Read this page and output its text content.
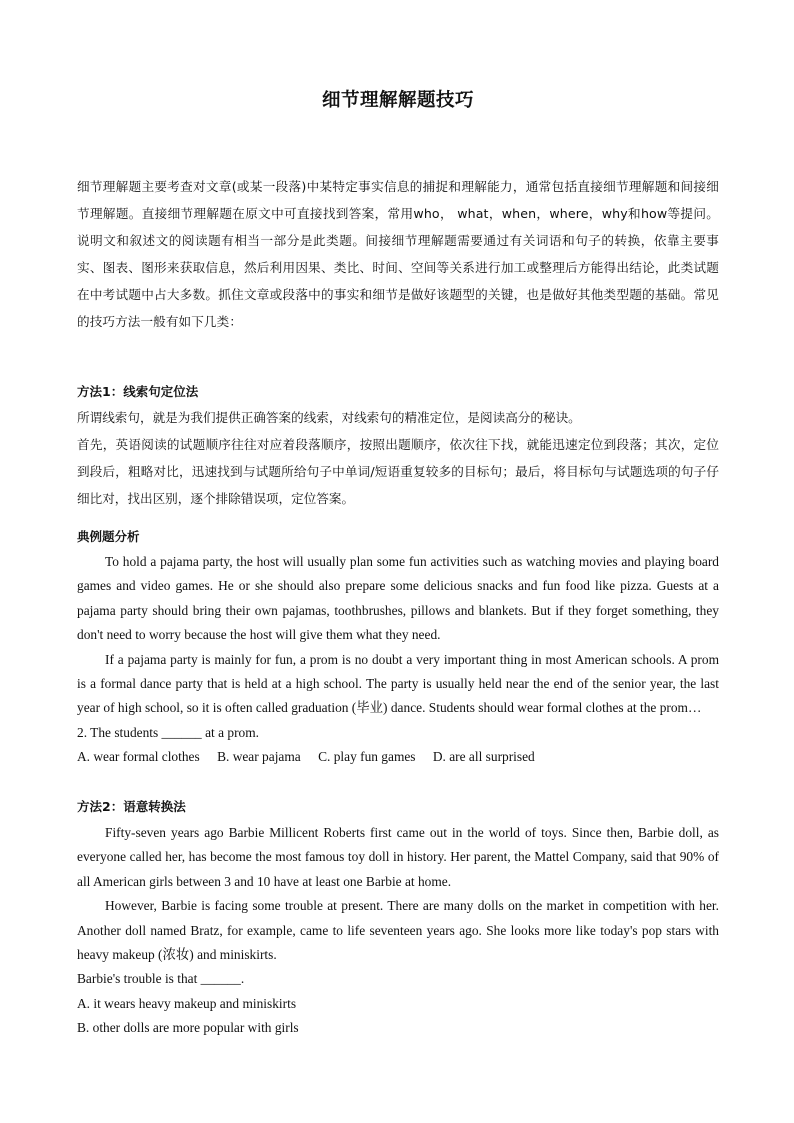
细节理解解题技巧

细节理解题主要考查对文章(或某一段落)中某特定事实信息的捕捉和理解能力，通常包括直接细节理解题和间接细节理解题。直接细节理解题在原文中可直接找到答案，常用who， what，when，where，why和how等提问。说明文和叙述文的阅读题有相当一部分是此类题。间接细节理解题需要通过有关词语和句子的转换，依靠主要事实、图表、图形来获取信息，然后利用因果、类比、时间、空间等关系进行加工或整理后方能得出结论，此类试题在中考试题中占大多数。抓住文章或段落中的事实和细节是做好该题型的关键，也是做好其他类型题的基础。常见的技巧方法一般有如下几类：

方法1：线索句定位法

所谓线索句，就是为我们提供正确答案的线索，对线索句的精准定位，是阅读高分的秘诀。

首先，英语阅读的试题顺序往往对应着段落顺序，按照出题顺序，依次往下找，就能迅速定位到段落；其次，定位到段后，粗略对比，迅速找到与试题所给句子中单词/短语重复较多的目标句；最后，将目标句与试题选项的句子仔细比对，找出区别，逐个排除错误项，定位答案。

典例题分析

To hold a pajama party, the host will usually plan some fun activities such as watching movies and playing board games and video games. He or she should also prepare some delicious snacks and fun food like pizza. Guests at a pajama party should bring their own pajamas, toothbrushes, pillows and blankets. But if they forget something, they don't need to worry because the host will give them what they need.

If a pajama party is mainly for fun, a prom is no doubt a very important thing in most American schools. A prom is a formal dance party that is held at a high school. The party is usually held near the end of the senior year, the last year of high school, so it is often called graduation (毕业) dance. Students should wear formal clothes at the prom…

2. The students ______ at a prom.

A. wear formal clothes B. wear pajama C. play fun games D. are all surprised

方法2：语意转换法

Fifty-seven years ago Barbie Millicent Roberts first came out in the world of toys. Since then, Barbie doll, as everyone called her, has become the most famous toy doll in history. Her parent, the Mattel Company, said that 90% of all American girls between 3 and 10 have at least one Barbie at home.

However, Barbie is facing some trouble at present. There are many dolls on the market in competition with her. Another doll named Bratz, for example, came to life seventeen years ago. She looks more like today's pop stars with heavy makeup (浓妆) and miniskirts.

Barbie's trouble is that ______.

A. it wears heavy makeup and miniskirts

B. other dolls are more popular with girls
